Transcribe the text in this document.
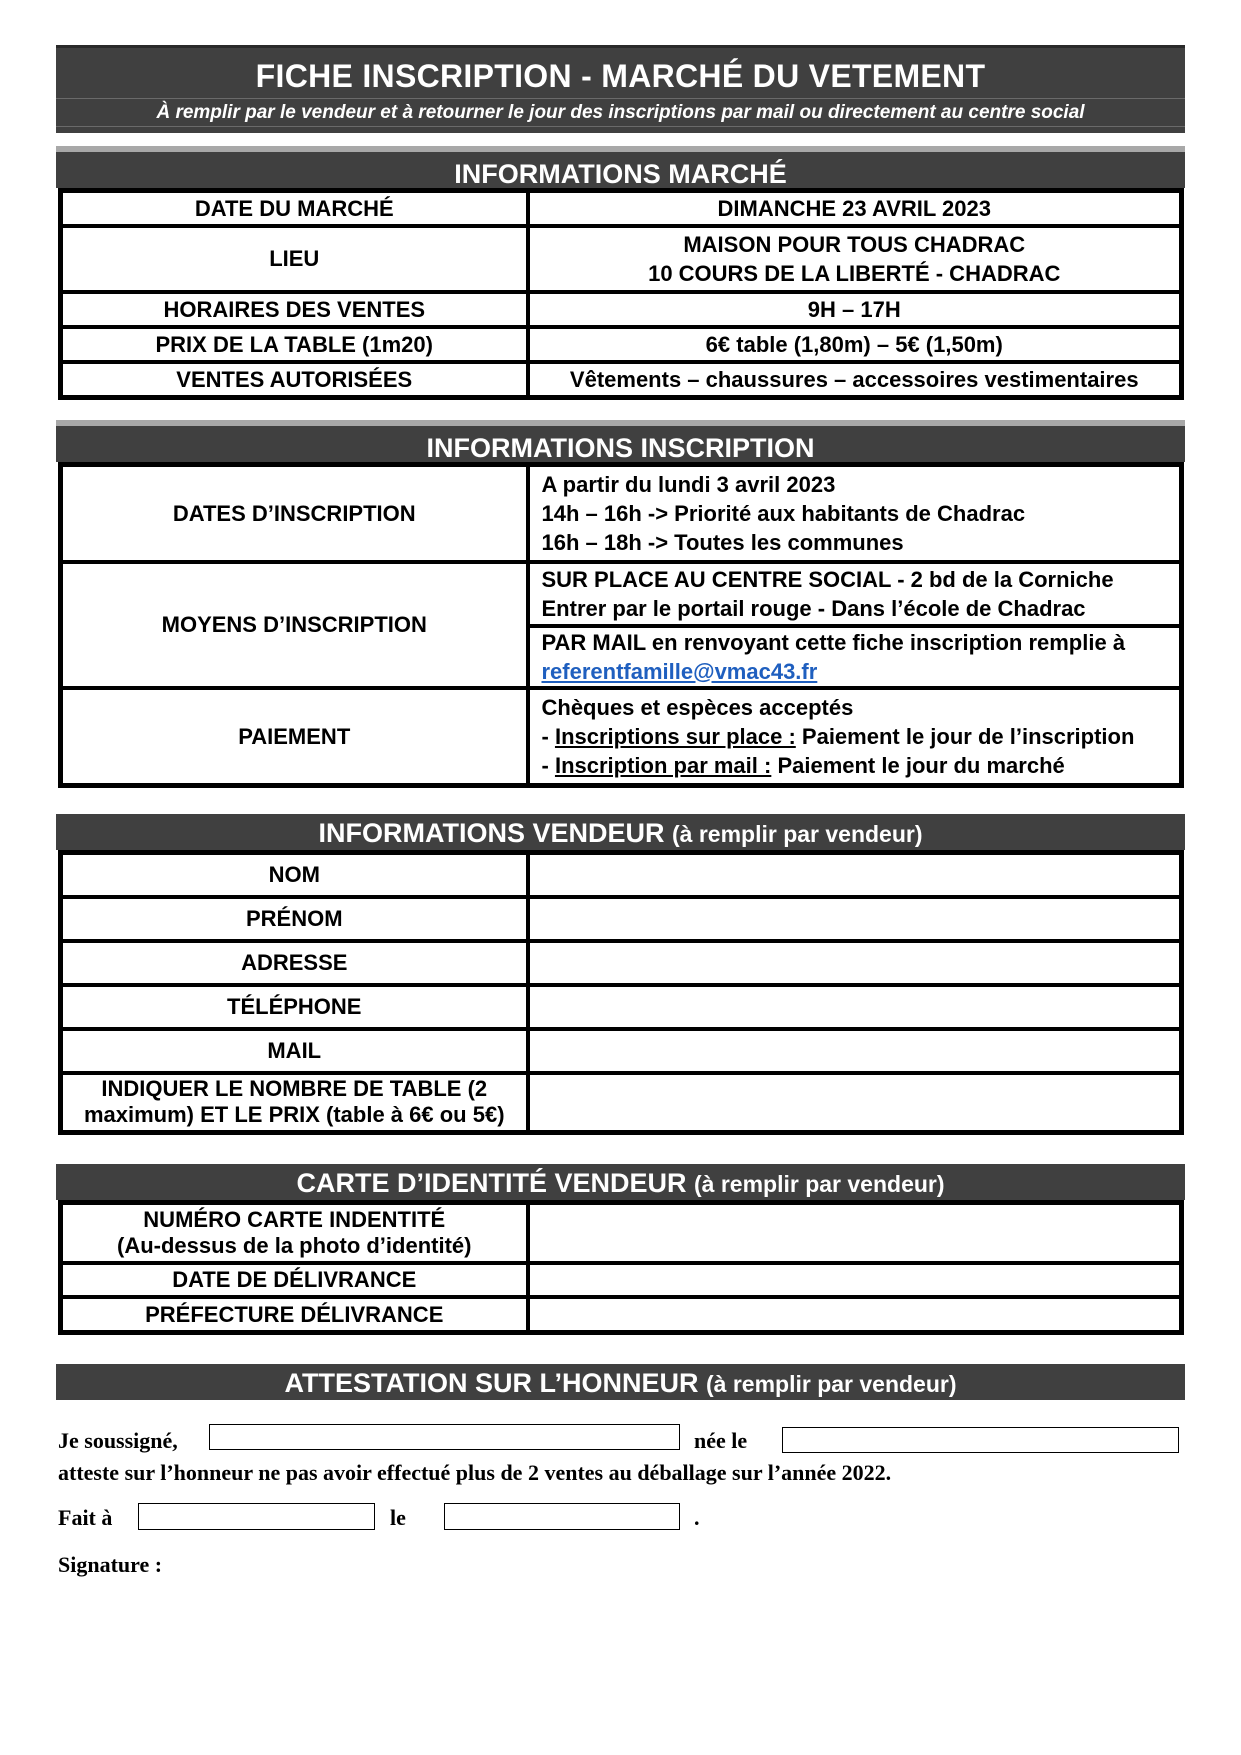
FICHE INSCRIPTION - MARCHÉ DU VETEMENT
À remplir par le vendeur et à retourner le jour des inscriptions par mail ou directement au centre social
INFORMATIONS MARCHÉ
DATE DU MARCHÉ	DIMANCHE 23 AVRIL 2023
LIEU	MAISON POUR TOUS CHADRAC
10 COURS DE LA LIBERTÉ - CHADRAC

HORAIRES DES VENTES	9H – 17H
PRIX DE LA TABLE (1m20)	6€ table (1,80m) – 5€ (1,50m)
VENTES AUTORISÉES	Vêtements – chaussures – accessoires vestimentaires
INFORMATIONS INSCRIPTION
DATES D’INSCRIPTION	A partir du lundi 3 avril 2023
14h – 16h -> Priorité aux habitants de Chadrac
16h – 18h -> Toutes les communes

MOYENS D’INSCRIPTION	SUR PLACE AU CENTRE SOCIAL - 2 bd de la Corniche
Entrer par le portail rouge - Dans l’école de Chadrac

	PAR MAIL en renvoyant cette fiche inscription remplie à
referentfamille@vmac43.fr

PAIEMENT	Chèques et espèces acceptés
- Inscriptions sur place : Paiement le jour de l’inscription
- Inscription par mail : Paiement le jour du marché
INFORMATIONS VENDEUR (à remplir par vendeur)
NOM	
PRÉNOM	
ADRESSE	
TÉLÉPHONE	
MAIL	

INDIQUER LE NOMBRE DE TABLE (2
maximum) ET LE PRIX (table à 6€ ou 5€)	

CARTE D’IDENTITÉ VENDEUR (à remplir par vendeur)
NUMÉRO CARTE INDENTITÉ
(Au-dessus de la photo d’identité)	

DATE DE DÉLIVRANCE	
PRÉFECTURE DÉLIVRANCE	
ATTESTATION SUR L’HONNEUR (à remplir par vendeur)
Je soussigné,	née le
atteste sur l’honneur ne pas avoir effectué plus de 2 ventes au déballage sur l’année 2022.
Fait à	le	.
Signature :
